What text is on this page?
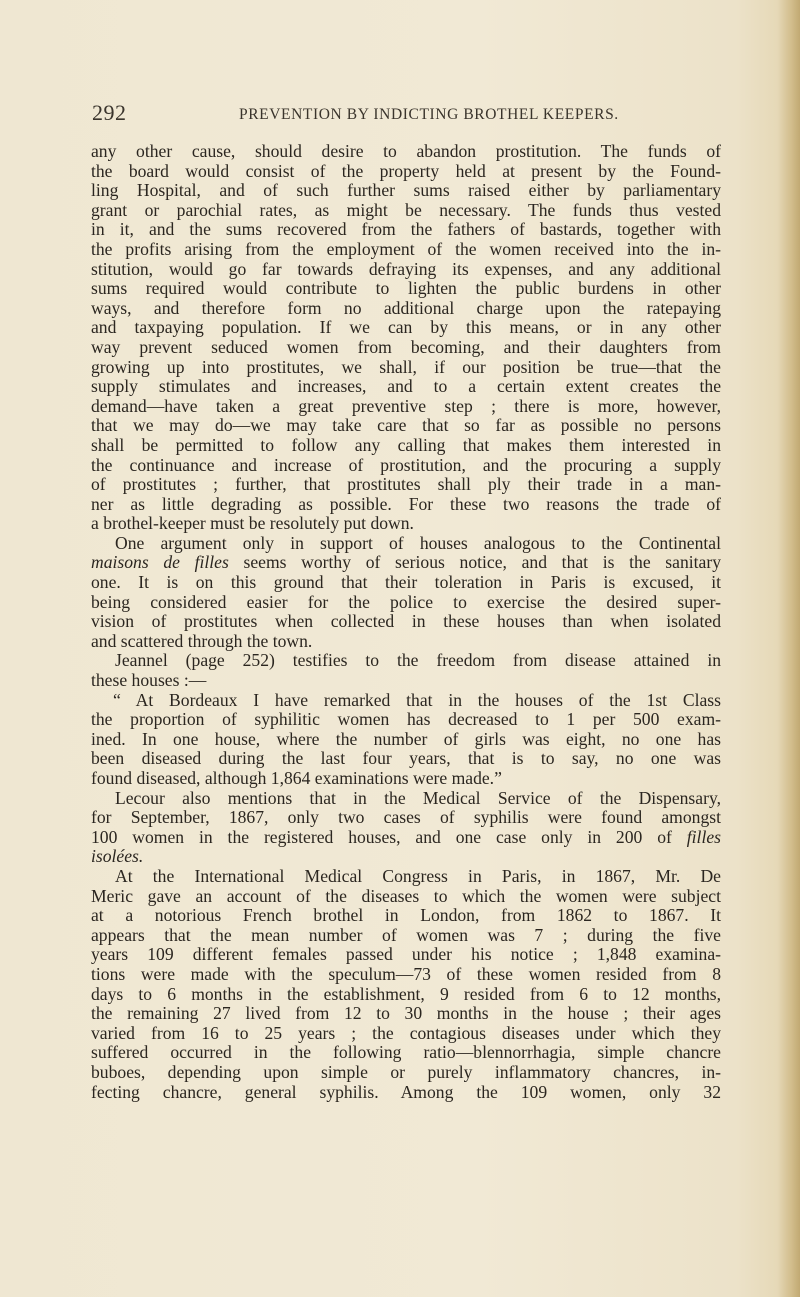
292	PREVENTION BY INDICTING BROTHEL KEEPERS.
any other cause, should desire to abandon prostitution. The funds of
the board would consist of the property held at present by the Found-
ling Hospital, and of such further sums raised either by parliamentary
grant or parochial rates, as might be necessary. The funds thus vested
in it, and the sums recovered from the fathers of bastards, together with
the profits arising from the employment of the women received into the in-
stitution, would go far towards defraying its expenses, and any additional
sums required would contribute to lighten the public burdens in other
ways, and therefore form no additional charge upon the ratepaying
and taxpaying population. If we can by this means, or in any other
way prevent seduced women from becoming, and their daughters from
growing up into prostitutes, we shall, if our position be true—that the
supply stimulates and increases, and to a certain extent creates the
demand—have taken a great preventive step ; there is more, however,
that we may do—we may take care that so far as possible no persons
shall be permitted to follow any calling that makes them interested in
the continuance and increase of prostitution, and the procuring a supply
of prostitutes ; further, that prostitutes shall ply their trade in a man-
ner as little degrading as possible. For these two reasons the trade of
a brothel-keeper must be resolutely put down.
One argument only in support of houses analogous to the Continental
maisons de filles seems worthy of serious notice, and that is the sanitary
one. It is on this ground that their toleration in Paris is excused, it
being considered easier for the police to exercise the desired super-
vision of prostitutes when collected in these houses than when isolated
and scattered through the town.
Jeannel (page 252) testifies to the freedom from disease attained in
these houses :—
“ At Bordeaux I have remarked that in the houses of the 1st Class
the proportion of syphilitic women has decreased to 1 per 500 exam-
ined. In one house, where the number of girls was eight, no one has
been diseased during the last four years, that is to say, no one was
found diseased, although 1,864 examinations were made.”
Lecour also mentions that in the Medical Service of the Dispensary,
for September, 1867, only two cases of syphilis were found amongst
100 women in the registered houses, and one case only in 200 of filles
isolées.
At the International Medical Congress in Paris, in 1867, Mr. De
Meric gave an account of the diseases to which the women were subject
at a notorious French brothel in London, from 1862 to 1867. It
appears that the mean number of women was 7 ; during the five
years 109 different females passed under his notice ; 1,848 examina-
tions were made with the speculum—73 of these women resided from 8
days to 6 months in the establishment, 9 resided from 6 to 12 months,
the remaining 27 lived from 12 to 30 months in the house ; their ages
varied from 16 to 25 years ; the contagious diseases under which they
suffered occurred in the following ratio—blennorrhagia, simple chancre
buboes, depending upon simple or purely inflammatory chancres, in-
fecting chancre, general syphilis. Among the 109 women, only 32
